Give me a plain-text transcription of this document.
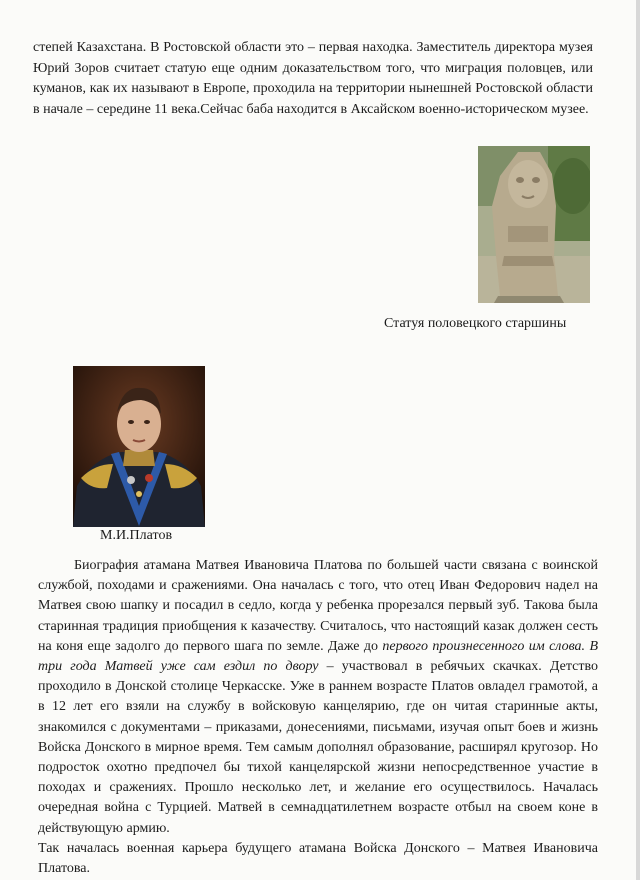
степей Казахстана. В Ростовской области это – первая находка. Заместитель директора музея Юрий Зоров считает статую еще одним доказательством того, что миграция половцев, или куманов, как их называют в Европе, проходила на территории нынешней Ростовской области в начале – середине 11 века.Сейчас баба находится в Аксайском военно-историческом музее.

Статуя половецкого старшины
М.И.Платов

Биография атамана Матвея Ивановича Платова по большей части связана с воинской службой, походами и сражениями. Она началась с того, что отец Иван Федорович надел на Матвея свою шапку и посадил в седло, когда у ребенка прорезался первый зуб. Такова была старинная традиция приобщения к казачеству. Считалось, что настоящий казак должен сесть на коня еще задолго до первого шага по земле. Даже до первого произнесенного им слова. В три года Матвей уже сам ездил по двору – участвовал в ребячьих скачках. Детство проходило в Донской столице Черкасске. Уже в раннем возрасте Платов овладел грамотой, а в 12 лет его взяли на службу в войсковую канцелярию, где он читая старинные акты, знакомился с документами – приказами, донесениями, письмами, изучая опыт боев и жизнь Войска Донского в мирное время. Тем самым дополнял образование, расширял кругозор. Но подросток охотно предпочел бы тихой канцелярской жизни непосредственное участие в походах и сражениях. Прошло несколько лет, и желание его осуществилось. Началась очередная война с Турцией. Матвей в семнадцатилетнем возрасте отбыл на своем коне в действующую армию.

Так началась военная карьера будущего атамана Войска Донского – Матвея Ивановича Платова.
